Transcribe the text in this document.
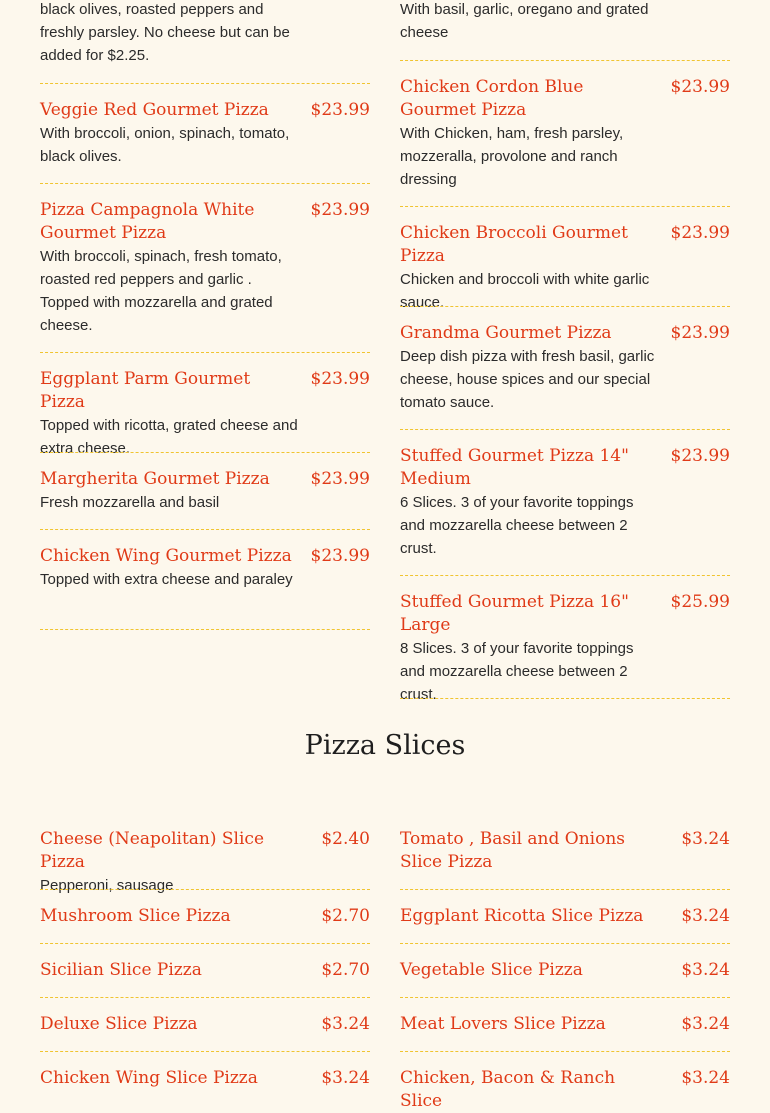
black olives, roasted peppers and freshly parsley. No cheese but can be added for $2.25.
Veggie Red Gourmet Pizza $23.99
With broccoli, onion, spinach, tomato, black olives.
Pizza Campagnola White Gourmet Pizza
$23.99
With broccoli, spinach, fresh tomato, roasted red peppers and garlic . Topped with mozzarella and grated cheese.
Eggplant Parm Gourmet Pizza
$23.99
Topped with ricotta, grated cheese and extra cheese.
Margherita Gourmet Pizza $23.99
Fresh mozzarella and basil
Chicken Wing Gourmet Pizza $23.99
Topped with extra cheese and paraley
With basil, garlic, oregano and grated cheese
Chicken Cordon Blue Gourmet Pizza
$23.99
With Chicken, ham, fresh parsley, mozzeralla, provolone and ranch dressing
Chicken Broccoli Gourmet Pizza
$23.99
Chicken and broccoli with white garlic sauce.
Grandma Gourmet Pizza	$23.99
Deep dish pizza with fresh basil, garlic cheese, house spices and our special tomato sauce.
Stuffed Gourmet Pizza 14" Medium
$23.99
6 Slices. 3 of your favorite toppings and mozzarella cheese between 2 crust.
Stuffed Gourmet Pizza 16" Large
$25.99
8 Slices. 3 of your favorite toppings and mozzarella cheese between 2 crust.
Pizza Slices
Cheese (Neapolitan) Slice Pizza
$2.40
Pepperoni, sausage
Mushroom Slice Pizza	$2.70
Sicilian Slice Pizza	$2.70
Deluxe Slice Pizza	$3.24
Chicken Wing Slice Pizza	$3.24
Tomato , Basil and Onions Slice Pizza
$3.24
Eggplant Ricotta Slice Pizza $3.24
Vegetable Slice Pizza	$3.24
Meat Lovers Slice Pizza	$3.24
Chicken, Bacon & Ranch Slice
$3.24
